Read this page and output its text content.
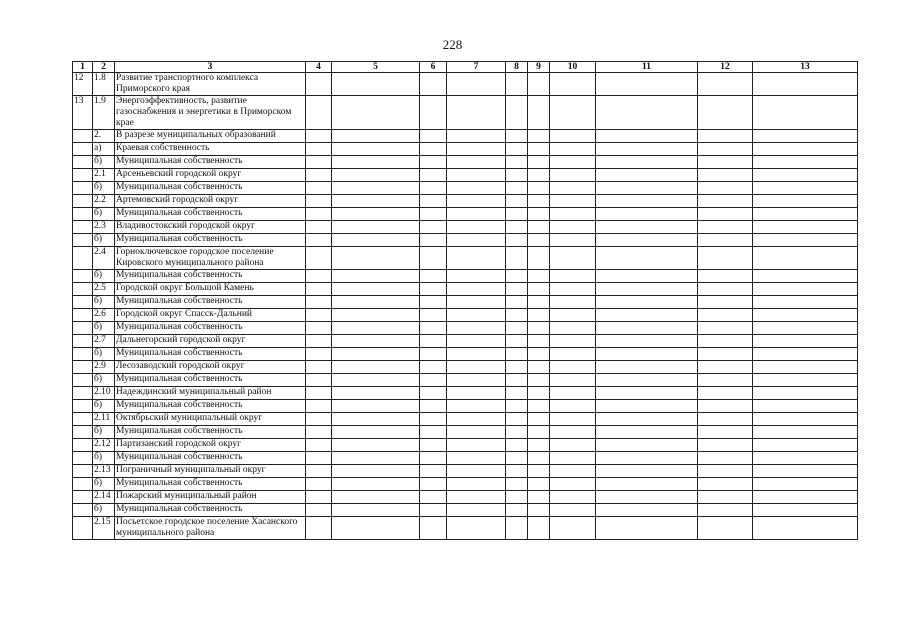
228
1	2	3	4	5	6	7	8	9	10	11	12	13
12	1.8	Развитие транспортного комплекса Приморского края										
13	1.9	Энергоэффективность, развитие газоснабжения и энергетики в Приморском крае										
	2.	В разрезе муниципальных образований										
	а)	Краевая собственность										
	б)	Муниципальная собственность										
	2.1	Арсеньевский городской округ										
	б)	Муниципальная собственность										
	2.2	Артемовский городской округ										
	б)	Муниципальная собственность										
	2.3	Владивостокский городской округ										
	б)	Муниципальная собственность										
	2.4	Горноключевское городское поселение Кировского муниципального района										
	б)	Муниципальная собственность										
	2.5	Городской округ Большой Камень										
	б)	Муниципальная собственность										
	2.6	Городской округ Спасск-Дальний										
	б)	Муниципальная собственность										
	2.7	Дальнегорский городской округ										
	б)	Муниципальная собственность										
	2.9	Лесозаводский городской округ										
	б)	Муниципальная собственность										
	2.10	Надеждинский муниципальный район										
	б)	Муниципальная собственность										
	2.11	Октябрьский муниципальный округ										
	б)	Муниципальная собственность										
	2.12	Партизанский городской округ										
	б)	Муниципальная собственность										
	2.13	Пограничный муниципальный округ										
	б)	Муниципальная собственность										
	2.14	Пожарский муниципальный район										
	б)	Муниципальная собственность										
	2.15	Посьетское городское поселение Хасанского муниципального района										
